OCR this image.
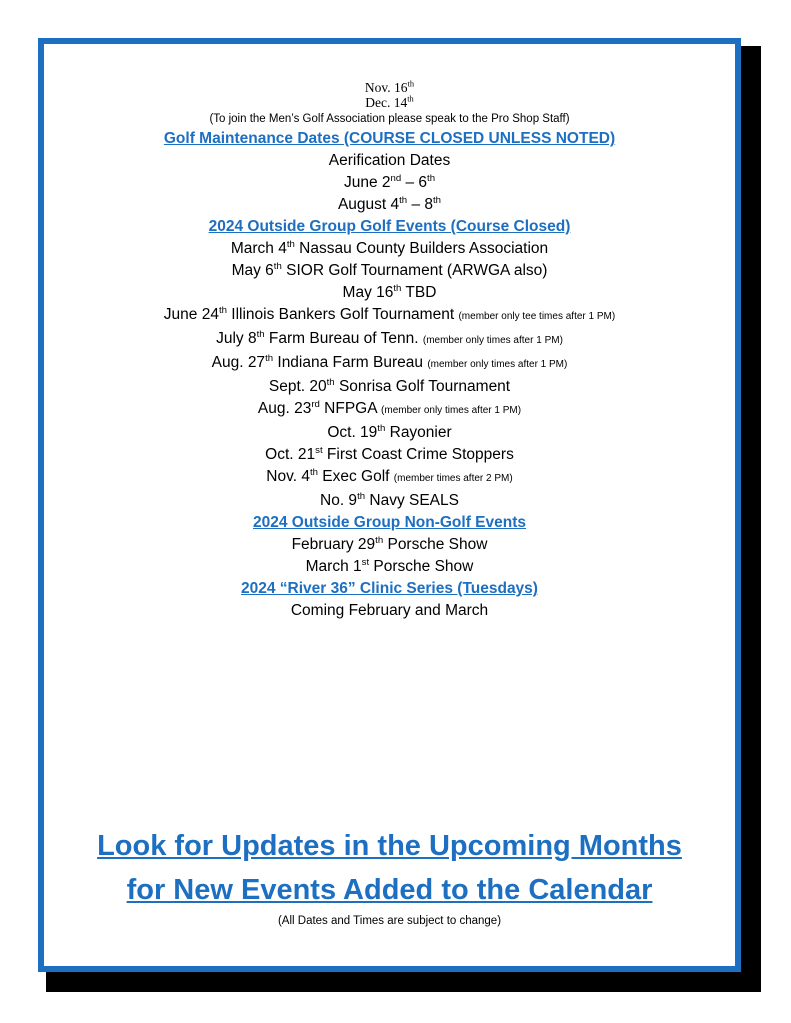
Nov. 16th
Dec. 14th
(To join the Men’s Golf Association please speak to the Pro Shop Staff)
Golf Maintenance Dates (COURSE CLOSED UNLESS NOTED)
Aerification Dates
June 2nd – 6th
August 4th – 8th
2024 Outside Group Golf Events (Course Closed)
March 4th Nassau County Builders Association
May 6th SIOR Golf Tournament (ARWGA also)
May 16th TBD
June 24th Illinois Bankers Golf Tournament (member only tee times after 1 PM)
July 8th Farm Bureau of Tenn. (member only times after 1 PM)
Aug. 27th Indiana Farm Bureau (member only times after 1 PM)
Sept. 20th Sonrisa Golf Tournament
Aug. 23rd NFPGA (member only times after 1 PM)
Oct. 19th Rayonier
Oct. 21st First Coast Crime Stoppers
Nov. 4th Exec Golf (member times after 2 PM)
No. 9th Navy SEALS
2024 Outside Group Non-Golf Events
February 29th Porsche Show
March 1st Porsche Show
2024 “River 36” Clinic Series (Tuesdays)
Coming February and March
Look for Updates in the Upcoming Months
for New Events Added to the Calendar
(All Dates and Times are subject to change)
